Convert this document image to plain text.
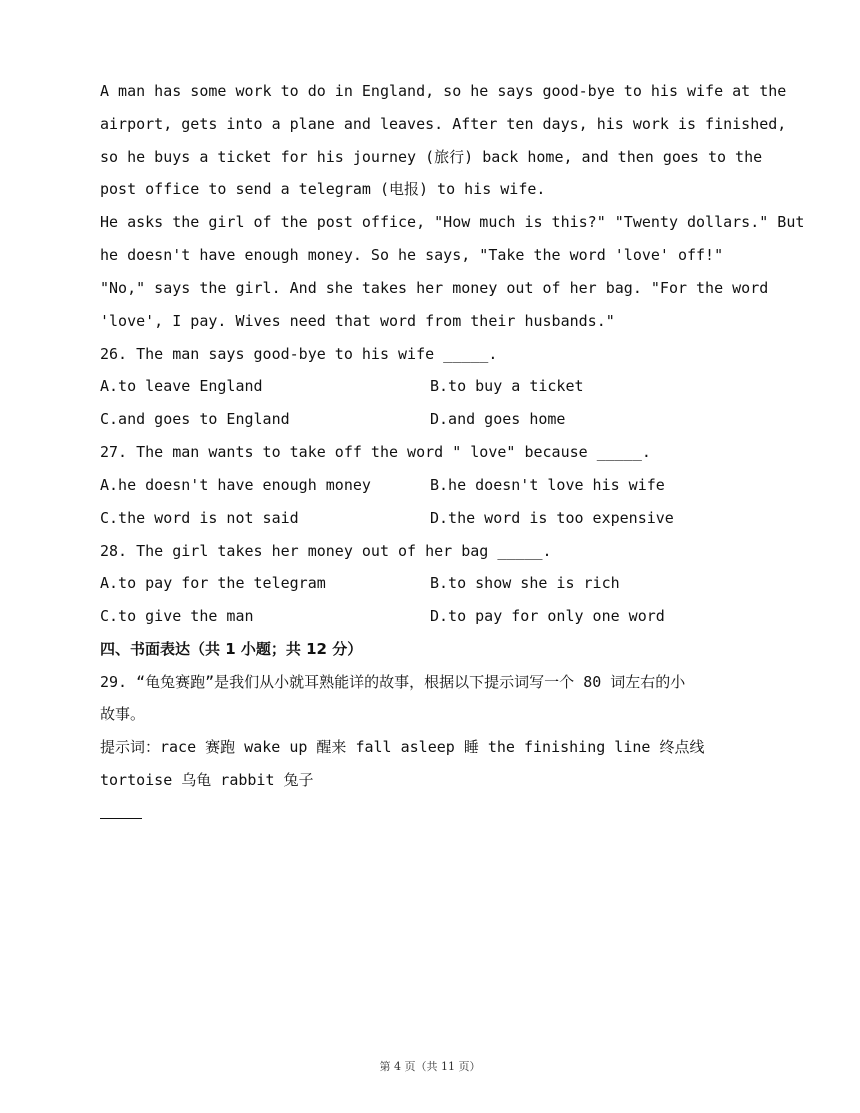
A man has some work to do in England, so he says good-bye to his wife at the
airport, gets into a plane and leaves. After ten days, his work is finished,
so he buys a ticket for his journey (旅行) back home, and then goes to the
post office to send a telegram (电报) to his wife.
He asks the girl of the post office, "How much is this?" "Twenty dollars." But
he doesn't have enough money. So he says, "Take the word 'love' off!"
"No," says the girl. And she takes her money out of her bag. "For the word
'love', I pay. Wives need that word from their husbands."
26. The man says good-bye to his wife _____.
A.to leave England	B.to buy a ticket
C.and goes to England	D.and goes home
27. The man wants to take off the word " love" because _____.
A.he doesn't have enough money	B.he doesn't love his wife
C.the word is not said	D.the word is too expensive
28. The girl takes her money out of her bag _____.
A.to pay for the telegram	B.to show she is rich
C.to give the man	D.to pay for only one word
四、书面表达（共 1 小题；共 12 分）
29. “龟兔赛跑”是我们从小就耳熟能详的故事，根据以下提示词写一个 80 词左右的小
故事。
提示词：race 赛跑 wake up 醒来 fall asleep 睡 the finishing line 终点线
tortoise 乌龟 rabbit 兔子
第 4 页（共 11 页）
